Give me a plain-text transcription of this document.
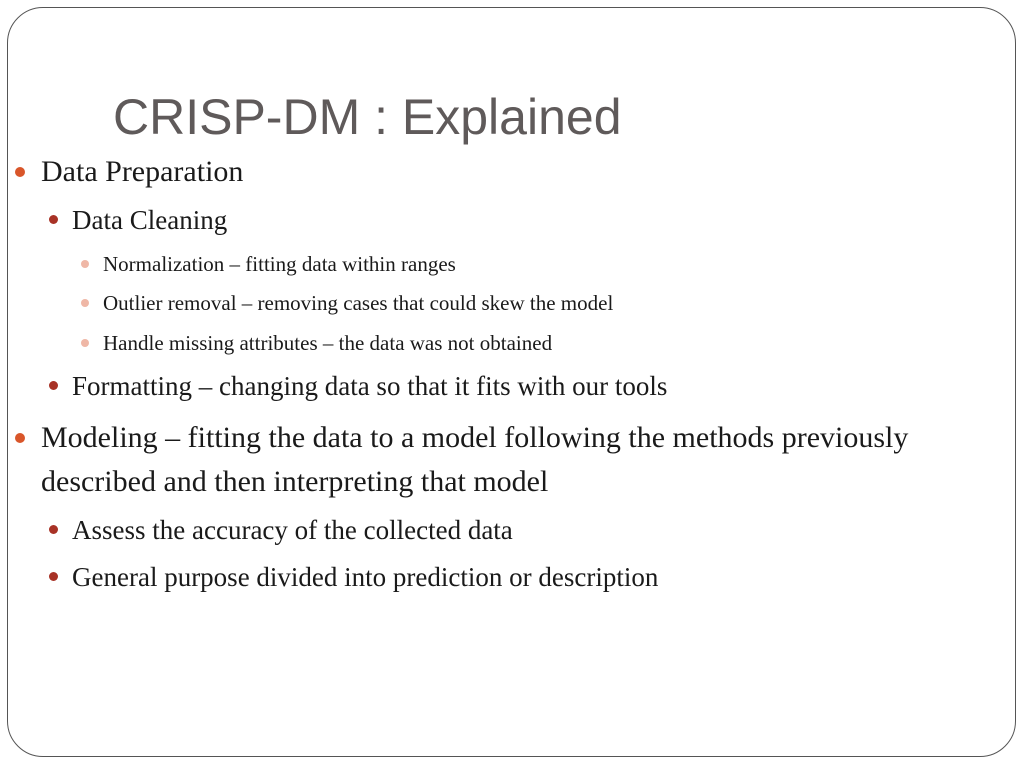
CRISP-DM : Explained
Data Preparation
Data Cleaning
Normalization – fitting data within ranges
Outlier removal – removing cases that could skew the model
Handle missing attributes – the data was not obtained
Formatting – changing data so that it fits with our tools
Modeling – fitting the data to a model following the methods previously
described and then interpreting that model
Assess the accuracy of the collected data
General purpose divided into prediction or description
